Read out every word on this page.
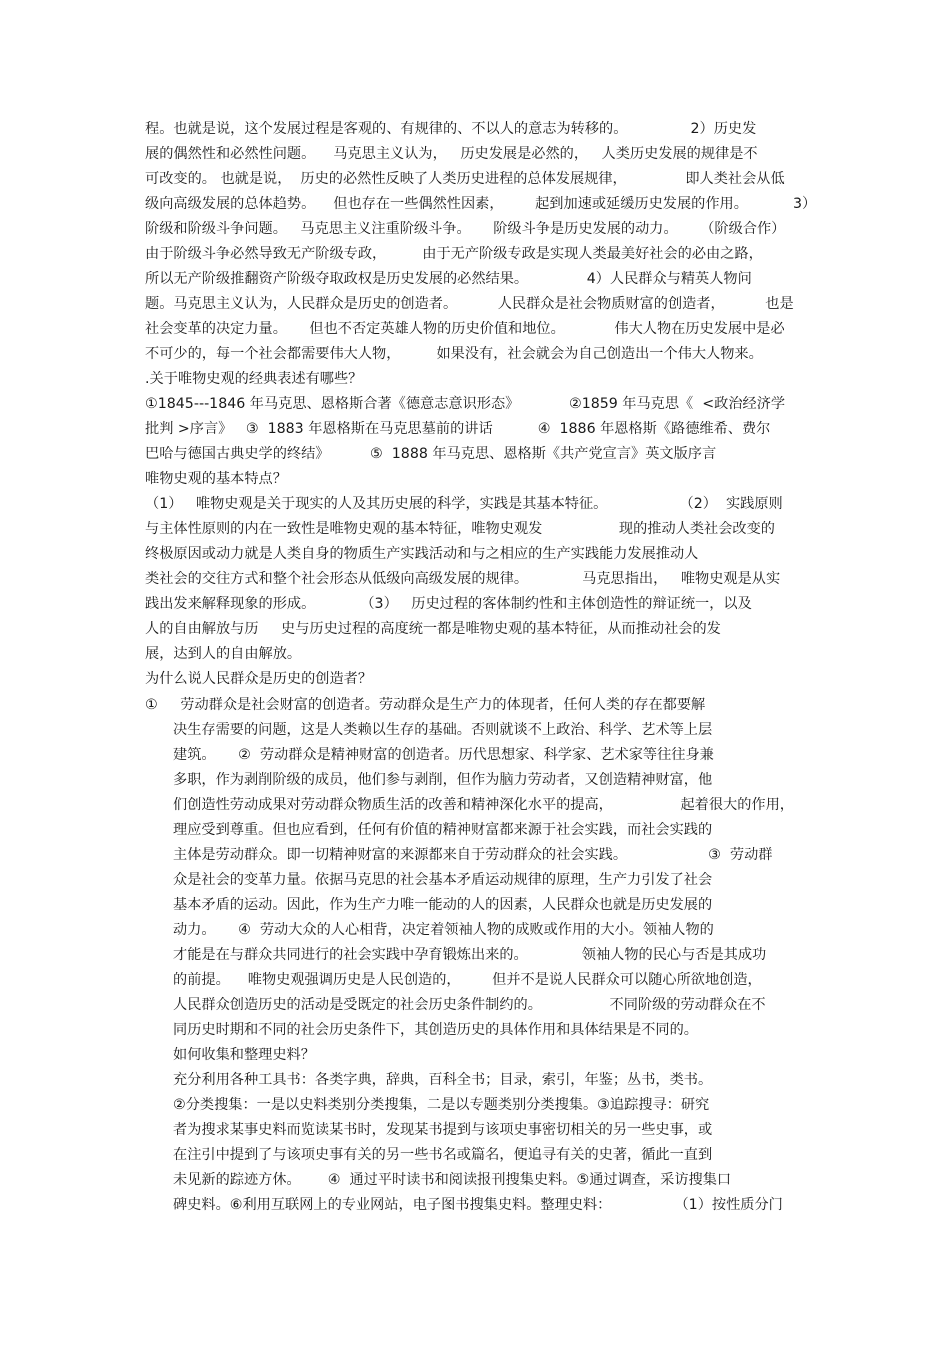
程。也就是说，这个发展过程是客观的、有规律的、不以人的意志为转移的。              2）历史发
展的偶然性和必然性问题。    马克思主义认为，   历史发展是必然的，   人类历史发展的规律是不
可改变的。 也就是说，  历史的必然性反映了人类历史进程的总体发展规律，             即人类社会从低
级向高级发展的总体趋势。    但也存在一些偶然性因素，       起到加速或延缓历史发展的作用。          3）
阶级和阶级斗争问题。   马克思主义注重阶级斗争。     阶级斗争是历史发展的动力。     （阶级合作）
由于阶级斗争必然导致无产阶级专政，        由于无产阶级专政是实现人类最美好社会的必由之路，
所以无产阶级推翻资产阶级夺取政权是历史发展的必然结果。             4）人民群众与精英人物问
题。马克思主义认为，人民群众是历史的创造者。         人民群众是社会物质财富的创造者，         也是
社会变革的决定力量。     但也不否定英雄人物的历史价值和地位。           伟大人物在历史发展中是必
不可少的，每一个社会都需要伟大人物，        如果没有，社会就会为自己创造出一个伟大人物来。
.关于唯物史观的经典表述有哪些？
①1845---1846 年马克思、恩格斯合著《德意志意识形态》           ②1859 年马克思《  <政治经济学
批判 >序言》   ③  1883 年恩格斯在马克思墓前的讲话          ④  1886 年恩格斯《路德维希、费尔
巴哈与德国古典史学的终结》         ⑤  1888 年马克思、恩格斯《共产党宣言》英文版序言
唯物史观的基本特点？
（1）   唯物史观是关于现实的人及其历史展的科学，实践是其基本特征。                （2）  实践原则
与主体性原则的内在一致性是唯物史观的基本特征，唯物史观发                 现的推动人类社会改变的
终极原因或动力就是人类自身的物质生产实践活动和与之相应的生产实践能力发展推动人
类社会的交往方式和整个社会形态从低级向高级发展的规律。            马克思指出，   唯物史观是从实
践出发来解释现象的形成。          （3）   历史过程的客体制约性和主体创造性的辩证统一，以及
人的自由解放与历     史与历史过程的高度统一都是唯物史观的基本特征，从而推动社会的发
展，达到人的自由解放。
为什么说人民群众是历史的创造者？
①     劳动群众是社会财富的创造者。劳动群众是生产力的体现者，任何人类的存在都要解
决生存需要的问题，这是人类赖以生存的基础。否则就谈不上政治、科学、艺术等上层
建筑。     ②  劳动群众是精神财富的创造者。历代思想家、科学家、艺术家等往往身兼
多职，作为剥削阶级的成员，他们参与剥削，但作为脑力劳动者，又创造精神财富，他
们创造性劳动成果对劳动群众物质生活的改善和精神深化水平的提高，               起着很大的作用，
理应受到尊重。但也应看到，任何有价值的精神财富都来源于社会实践，而社会实践的
主体是劳动群众。即一切精神财富的来源都来自于劳动群众的社会实践。                  ③  劳动群
众是社会的变革力量。依据马克思的社会基本矛盾运动规律的原理，生产力引发了社会
基本矛盾的运动。因此，作为生产力唯一能动的人的因素，人民群众也就是历史发展的
动力。     ④  劳动大众的人心相背，决定着领袖人物的成败或作用的大小。领袖人物的
才能是在与群众共同进行的社会实践中孕育锻炼出来的。            领袖人物的民心与否是其成功
的前提。    唯物史观强调历史是人民创造的，       但并不是说人民群众可以随心所欲地创造，
人民群众创造历史的活动是受既定的社会历史条件制约的。               不同阶级的劳动群众在不
同历史时期和不同的社会历史条件下，其创造历史的具体作用和具体结果是不同的。
如何收集和整理史料？
充分利用各种工具书：各类字典，辞典，百科全书；目录，索引，年鉴；丛书，类书。
②分类搜集：一是以史料类别分类搜集，二是以专题类别分类搜集。③追踪搜寻：研究
者为搜求某事史料而览读某书时，发现某书提到与该项史事密切相关的另一些史事，或
在注引中提到了与该项史事有关的另一些书名或篇名，便追寻有关的史著，循此一直到
未见新的踪迹方休。      ④  通过平时读书和阅读报刊搜集史料。⑤通过调查，采访搜集口
碑史料。⑥利用互联网上的专业网站，电子图书搜集史料。整理史料：              （1）按性质分门
